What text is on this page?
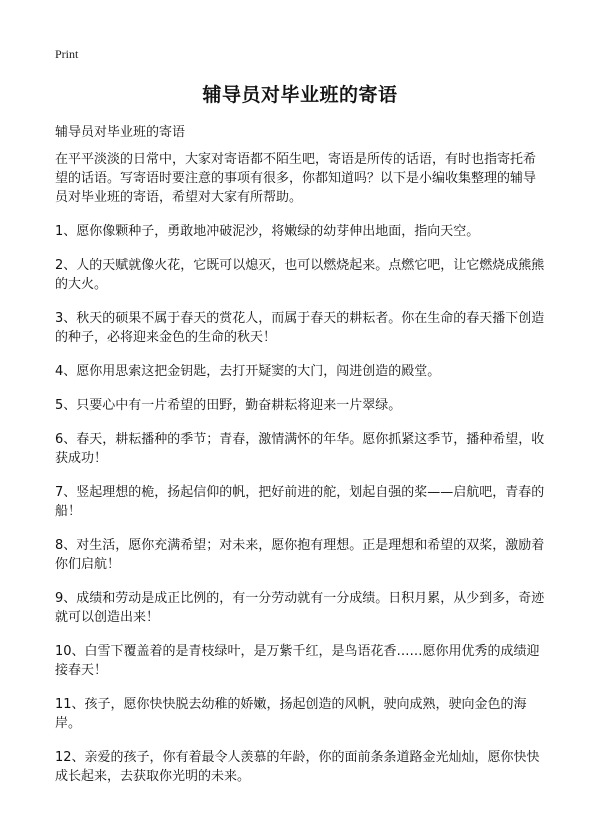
Print
辅导员对毕业班的寄语

辅导员对毕业班的寄语

在平平淡淡的日常中，大家对寄语都不陌生吧，寄语是所传的话语，有时也指寄托希望的话语。写寄语时要注意的事项有很多，你都知道吗？以下是小编收集整理的辅导员对毕业班的寄语，希望对大家有所帮助。

1、愿你像颗种子，勇敢地冲破泥沙，将嫩绿的幼芽伸出地面，指向天空。

2、人的天赋就像火花，它既可以熄灭，也可以燃烧起来。点燃它吧，让它燃烧成熊熊的大火。

3、秋天的硕果不属于春天的赏花人，而属于春天的耕耘者。你在生命的春天播下创造的种子，必将迎来金色的生命的秋天！

4、愿你用思索这把金钥匙，去打开疑窦的大门，闯进创造的殿堂。

5、只要心中有一片希望的田野，勤奋耕耘将迎来一片翠绿。

6、春天，耕耘播种的季节；青春，激情满怀的年华。愿你抓紧这季节，播种希望，收获成功！

7、竖起理想的桅，扬起信仰的帆，把好前进的舵，划起自强的桨——启航吧，青春的船！

8、对生活，愿你充满希望；对未来，愿你抱有理想。正是理想和希望的双桨，激励着你们启航！

9、成绩和劳动是成正比例的，有一分劳动就有一分成绩。日积月累，从少到多，奇迹就可以创造出来！

10、白雪下覆盖着的是青枝绿叶，是万紫千红，是鸟语花香……愿你用优秀的成绩迎接春天！

11、孩子，愿你快快脱去幼稚的娇嫩，扬起创造的风帆，驶向成熟，驶向金色的海岸。

12、亲爱的孩子，你有着最令人羡慕的年龄，你的面前条条道路金光灿灿，愿你快快成长起来，去获取你光明的未来。
